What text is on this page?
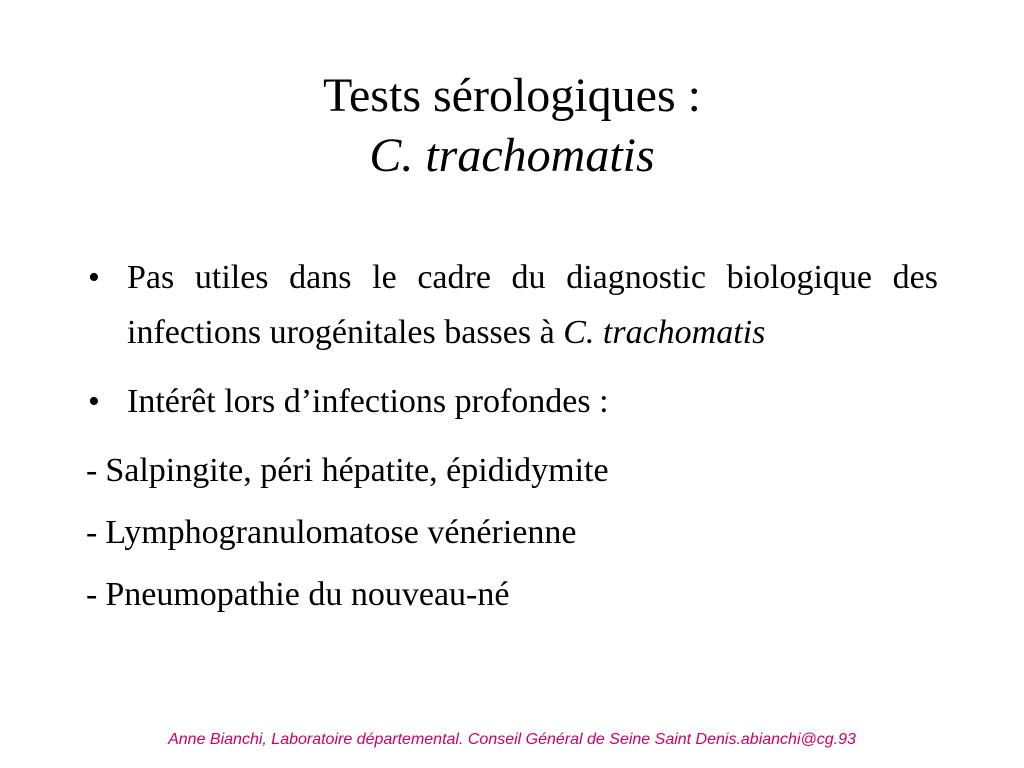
Tests sérologiques :
C. trachomatis
• Pas utiles dans le cadre du diagnostic biologique des infections urogénitales basses à C. trachomatis
• Intérêt lors d’infections profondes :
- Salpingite, péri hépatite, épididymite
- Lymphogranulomatose vénérienne
- Pneumopathie du nouveau-né
Anne Bianchi, Laboratoire départemental. Conseil Général de Seine Saint Denis.abianchi@cg.93
